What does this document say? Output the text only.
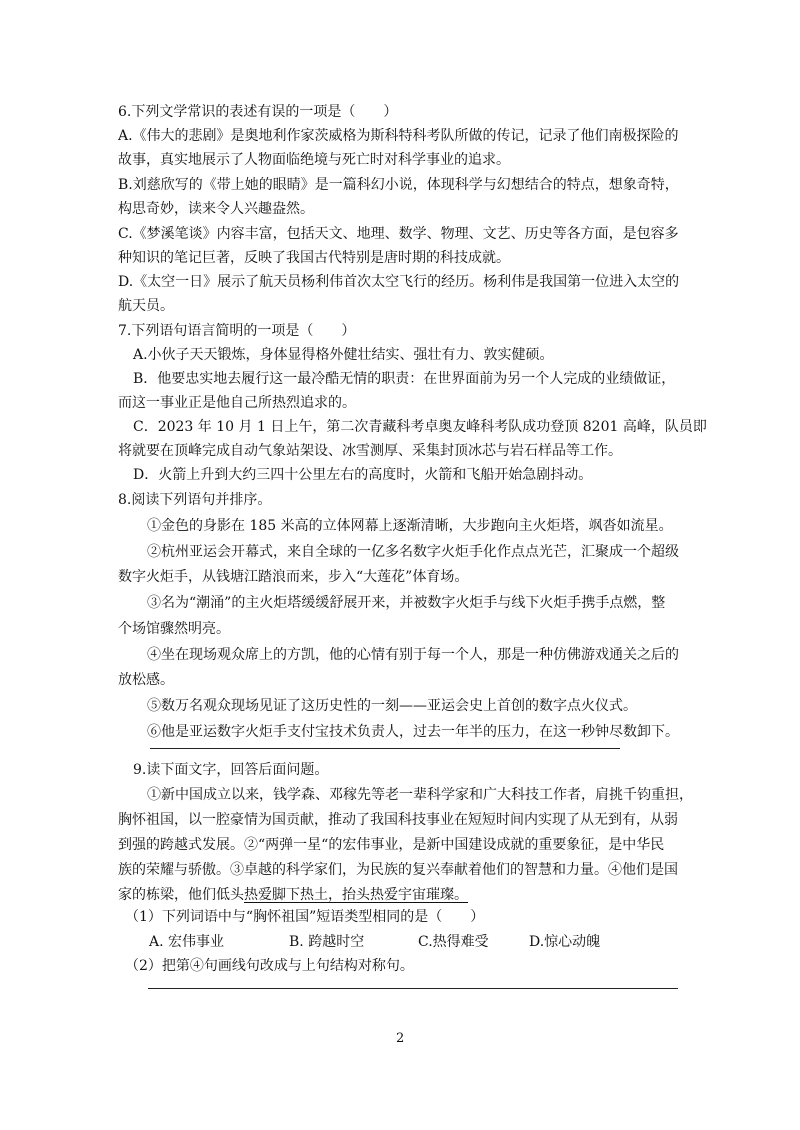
6.下列文学常识的表述有误的一项是（　　）

A.《伟大的悲剧》是奥地利作家茨威格为斯科特科考队所做的传记，记录了他们南极探险的

故事，真实地展示了人物面临绝境与死亡时对科学事业的追求。

B.刘慈欣写的《带上她的眼睛》是一篇科幻小说，体现科学与幻想结合的特点，想象奇特，

构思奇妙，读来令人兴趣盎然。

C.《梦溪笔谈》内容丰富，包括天文、地理、数学、物理、文艺、历史等各方面，是包容多

种知识的笔记巨著，反映了我国古代特别是唐时期的科技成就。

D.《太空一日》展示了航天员杨利伟首次太空飞行的经历。杨利伟是我国第一位进入太空的

航天员。

7.下列语句语言简明的一项是（　　）

A.小伙子天天锻炼，身体显得格外健壮结实、强壮有力、敦实健硕。

B．他要忠实地去履行这一最冷酷无情的职责：在世界面前为另一个人完成的业绩做证，

而这一事业正是他自己所热烈追求的。

C．2023 年 10 月 1 日上午，第二次青藏科考卓奥友峰科考队成功登顶 8201 高峰，队员即

将就要在顶峰完成自动气象站架设、冰雪测厚、采集封顶冰芯与岩石样品等工作。

D．火箭上升到大约三四十公里左右的高度时，火箭和飞船开始急剧抖动。

8.阅读下列语句并排序。

①金色的身影在 185 米高的立体网幕上逐渐清晰，大步跑向主火炬塔，飒沓如流星。

②杭州亚运会开幕式，来自全球的一亿多名数字火炬手化作点点光芒，汇聚成一个超级

数字火炬手，从钱塘江踏浪而来，步入“大莲花”体育场。

③名为“潮涌”的主火炬塔缓缓舒展开来，并被数字火炬手与线下火炬手携手点燃，整

个场馆骤然明亮。

④坐在现场观众席上的方凯，他的心情有别于每一个人，那是一种仿佛游戏通关之后的

放松感。

⑤数万名观众现场见证了这历史性的一刻——亚运会史上首创的数字点火仪式。

⑥他是亚运数字火炬手支付宝技术负责人，过去一年半的压力，在这一秒钟尽数卸下。

9.读下面文字，回答后面问题。

①新中国成立以来，钱学森、邓稼先等老一辈科学家和广大科技工作者，肩挑千钧重担，

胸怀祖国，以一腔豪情为国贡献，推动了我国科技事业在短短时间内实现了从无到有，从弱

到强的跨越式发展。②“两弹一星“的宏伟事业，是新中国建设成就的重要象征，是中华民

族的荣耀与骄傲。③卓越的科学家们，为民族的复兴奉献着他们的智慧和力量。④他们是国

家的栋梁，他们低头热爱脚下热土，抬头热爱宇宙璀璨。

（1）下列词语中与“胸怀祖国”短语类型相同的是（　　）

A. 宏伟事业	B. 跨越时空	C.热得难受	D.惊心动魄

（2）把第④句画线句改成与上句结构对称句。

2
